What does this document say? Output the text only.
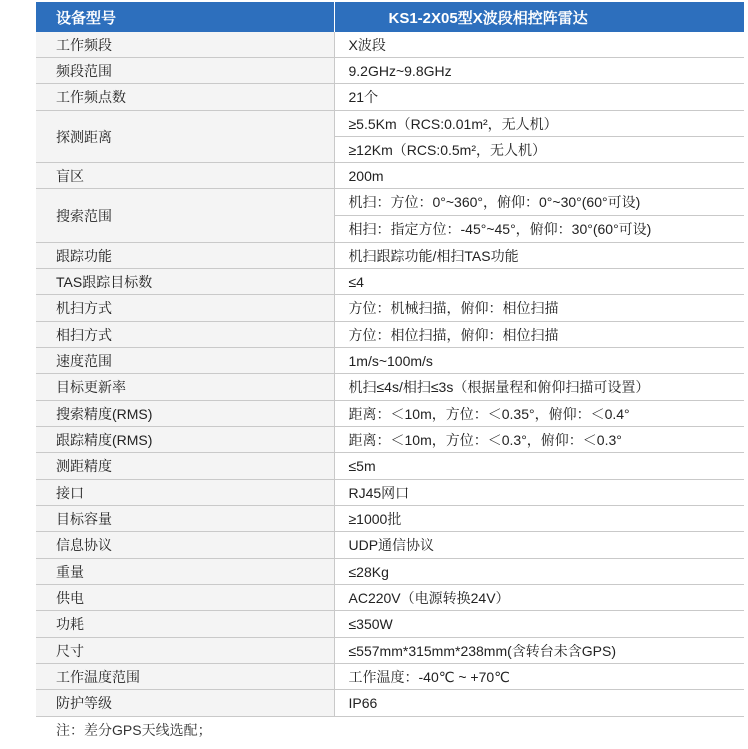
设备型号	KS1-2X05型X波段相控阵雷达
工作频段	X波段
频段范围	9.2GHz~9.8GHz
工作频点数	21个
探测距离	≥5.5Km（RCS:0.01m²，无人机）
	≥12Km（RCS:0.5m²，无人机）
盲区	200m
搜索范围	机扫：方位：0°~360°，俯仰：0°~30°(60°可设)
	相扫：指定方位：-45°~45°，俯仰：30°(60°可设)
跟踪功能	机扫跟踪功能/相扫TAS功能
TAS跟踪目标数	≤4
机扫方式	方位：机械扫描，俯仰：相位扫描
相扫方式	方位：相位扫描，俯仰：相位扫描
速度范围	1m/s~100m/s
目标更新率	机扫≤4s/相扫≤3s（根据量程和俯仰扫描可设置）
搜索精度(RMS)	距离：＜10m，方位：＜0.35°，俯仰：＜0.4°
跟踪精度(RMS)	距离：＜10m，方位：＜0.3°，俯仰：＜0.3°
测距精度	≤5m
接口	RJ45网口
目标容量	≥1000批
信息协议	UDP通信协议
重量	≤28Kg
供电	AC220V（电源转换24V）
功耗	≤350W
尺寸	≤557mm*315mm*238mm(含转台未含GPS)
工作温度范围	工作温度：-40℃ ~ +70℃
防护等级	IP66
注：差分GPS天线选配；
